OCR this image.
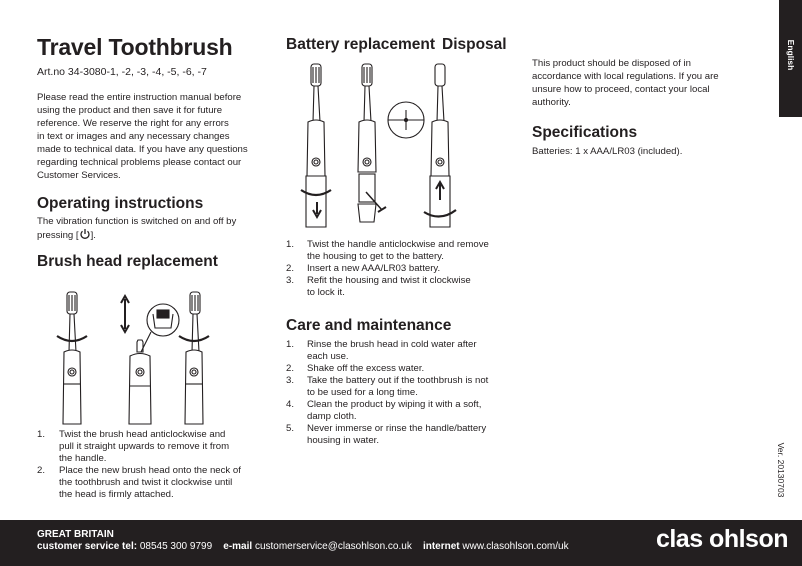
English
Ver. 20130703
Travel Toothbrush

Art.no 34-3080-1, -2, -3, -4, -5, -6, -7

Please read the entire instruction manual before

using the product and then save it for future

reference. We reserve the right for any errors

in text or images and any necessary changes

made to technical data. If you have any questions

regarding technical problems please contact our

Customer Services.

Operating instructions

The vibration function is switched on and off by

pressing [ ].

Brush head replacement
1. Twist the brush head anticlockwise and
pull it straight upwards to remove it from
the handle.
2. Place the new brush head onto the neck of
the toothbrush and twist it clockwise until
the head is firmly attached.
Battery replacement
1. Twist the handle anticlockwise and remove
the housing to get to the battery.
2. Insert a new AAA/LR03 battery.
3. Refit the housing and twist it clockwise
to lock it.
Care and maintenance
1. Rinse the brush head in cold water after
each use.
2. Shake off the excess water.
3. Take the battery out if the toothbrush is not
to be used for a long time.
4. Clean the product by wiping it with a soft,
damp cloth.
5. Never immerse or rinse the handle/battery
housing in water.
Disposal

This product should be disposed of in

accordance with local regulations. If you are

unsure how to proceed, contact your local

authority.

Specifications

Batteries: 1 x AAA/LR03 (included).

GREAT BRITAIN
customer service tel: 08545 300 9799 e-mail customerservice@clasohlson.co.uk internet www.clasohlson.com/uk	clas ohlson
